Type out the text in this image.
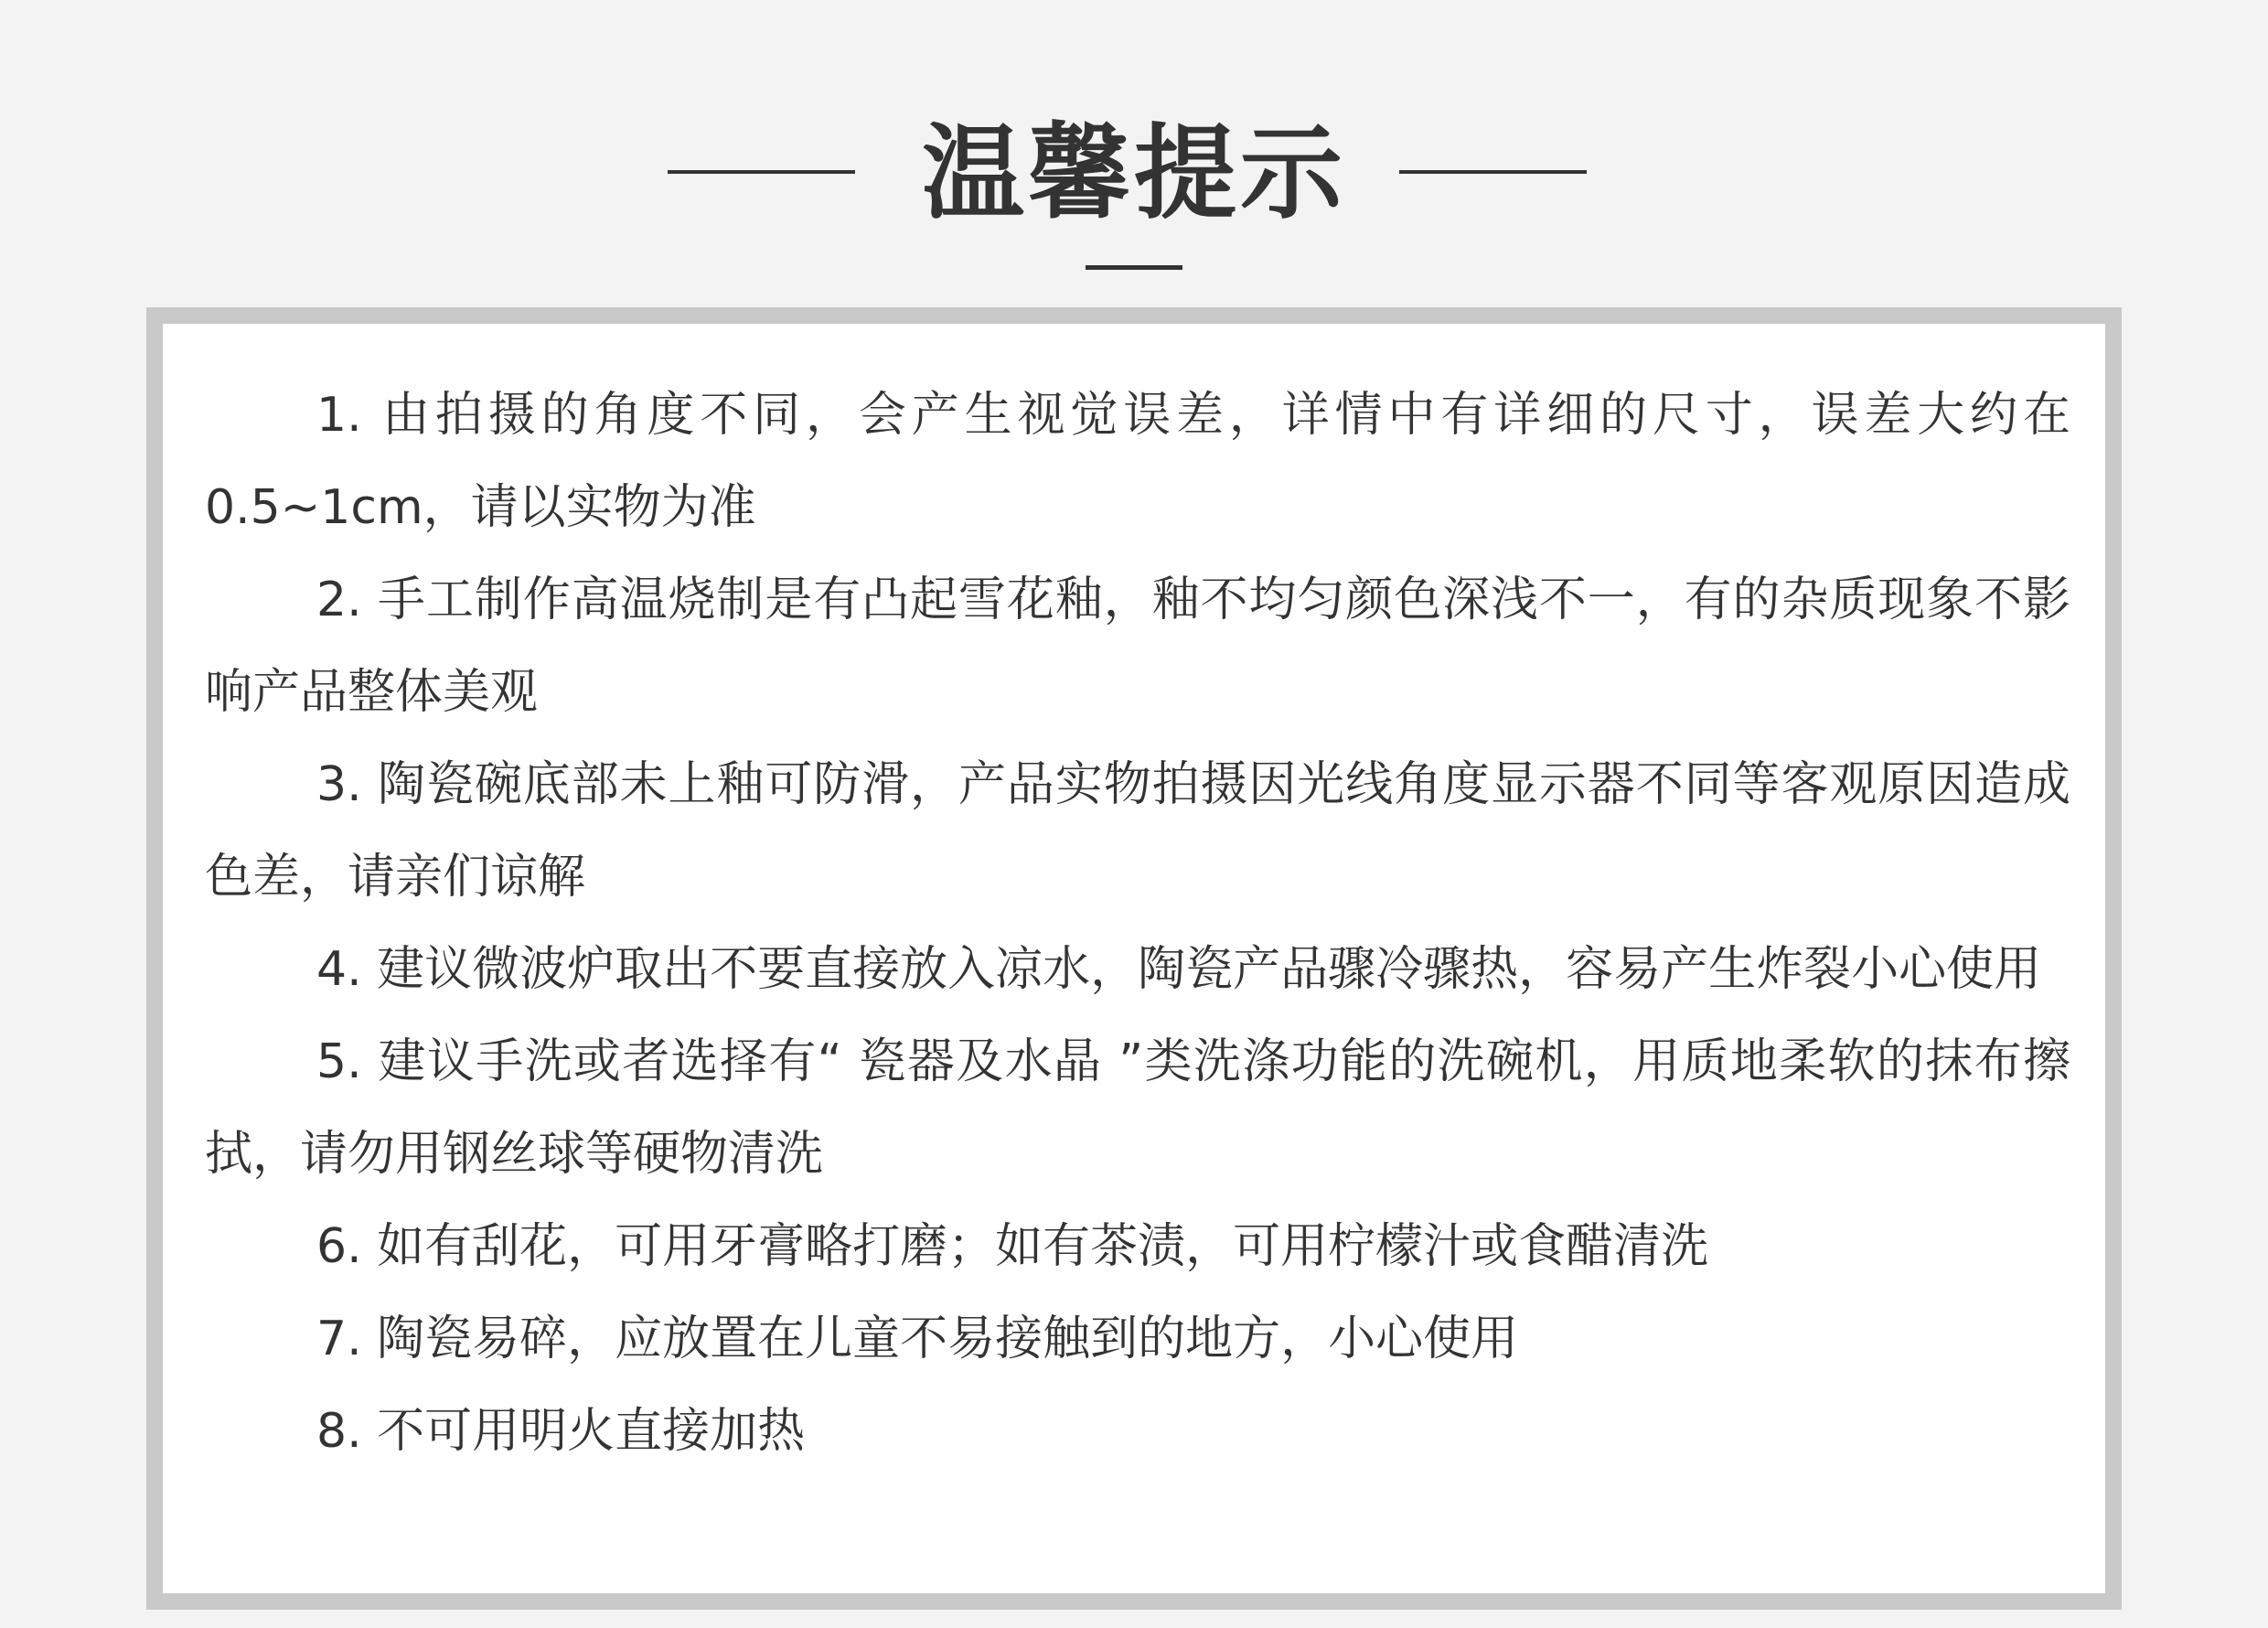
温馨提示
1. 由拍摄的角度不同，会产生视觉误差，详情中有详细的尺寸，误差大约在 0.5~1cm，请以实物为准
2. 手工制作高温烧制是有凸起雪花釉，釉不均匀颜色深浅不一，有的杂质现象不影响产品整体美观
3. 陶瓷碗底部未上釉可防滑，产品实物拍摄因光线角度显示器不同等客观原因造成色差，请亲们谅解
4. 建议微波炉取出不要直接放入凉水，陶瓷产品骤冷骤热，容易产生炸裂小心使用
5. 建议手洗或者选择有“ 瓷器及水晶 ”类洗涤功能的洗碗机，用质地柔软的抹布擦拭，请勿用钢丝球等硬物清洗
6. 如有刮花，可用牙膏略打磨；如有茶渍，可用柠檬汁或食醋清洗
7. 陶瓷易碎，应放置在儿童不易接触到的地方，小心使用
8. 不可用明火直接加热
